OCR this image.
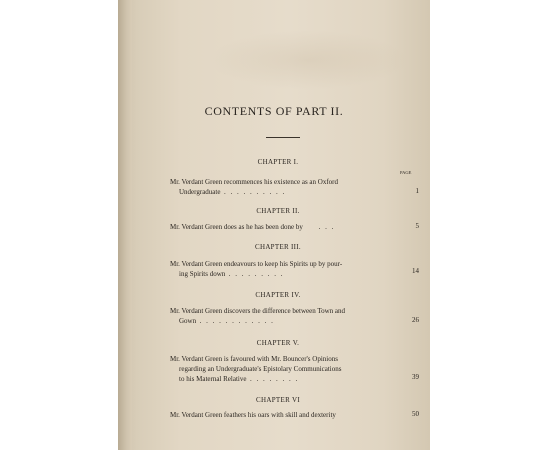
CONTENTS OF PART II.
PAGE
CHAPTER I.
Mr. Verdant Green recommences his existence as an Oxford
Undergraduate . . . . . . . . . .	1
CHAPTER II.
Mr. Verdant Green does as he has been done by . . .	5
CHAPTER III.
Mr. Verdant Green endeavours to keep his Spirits up by pour-
ing Spirits down . . . . . . . . .	14
CHAPTER IV.
Mr. Verdant Green discovers the difference between Town and
Gown . . . . . . . . . . . .	26
CHAPTER V.
Mr. Verdant Green is favoured with Mr. Bouncer's Opinions
regarding an Undergraduate's Epistolary Communications
to his Maternal Relative . . . . . . . .	39
CHAPTER VI
Mr. Verdant Green feathers his oars with skill and dexterity	50
